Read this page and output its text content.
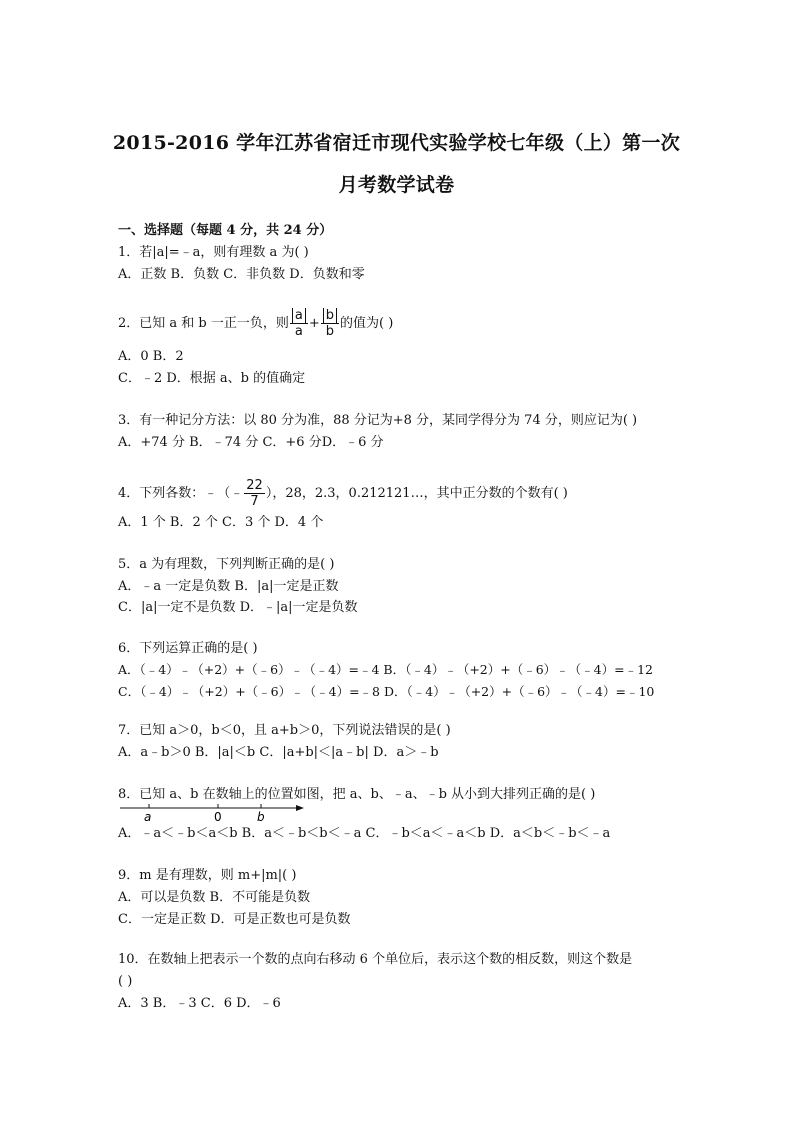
2015-2016 学年江苏省宿迁市现代实验学校七年级（上）第一次
月考数学试卷
一、选择题（每题 4 分，共 24 分）
1．若|a|=﹣a，则有理数 a 为( )
A．正数 B．负数 C．非负数 D．负数和零
2．已知 a 和 b 一正一负，则 $\frac{a}{a} + \frac{b}{b}$ 的值为( )
A．0 B．2
C．﹣2 D．根据 a、b 的值确定
3．有一种记分方法：以 80 分为准，88 分记为+8 分，某同学得分为 74 分，则应记为( )
A．+74 分 B．﹣74 分 C．+6 分D．﹣6 分
4．下列各数：﹣（﹣ $\frac{22}{7}$ ），28，2.3，0.212121…，其中正分数的个数有( )
A．1 个 B．2 个 C．3 个 D．4 个
5．a 为有理数，下列判断正确的是( )
A．﹣a 一定是负数 B．|a|一定是正数
C．|a|一定不是负数 D．﹣|a|一定是负数
6．下列运算正确的是( )
A．（﹣4）﹣（+2）+（﹣6）﹣（﹣4）=﹣4 B．（﹣4）﹣（+2）+（﹣6）﹣（﹣4）=﹣12
C．（﹣4）﹣（+2）+（﹣6）﹣（﹣4）=﹣8 D．（﹣4）﹣（+2）+（﹣6）﹣（﹣4）=﹣10
7．已知 a＞0，b＜0，且 a+b＞0，下列说法错误的是( )
A．a﹣b＞0 B．|a|＜b C．|a+b|＜|a﹣b| D．a＞﹣b
8．已知 a、b 在数轴上的位置如图，把 a、b、﹣a、﹣b 从小到大排列正确的是( )
a	0	b
A．﹣a＜﹣b＜a＜b B．a＜﹣b＜b＜﹣a C．﹣b＜a＜﹣a＜b D．a＜b＜﹣b＜﹣a
9．m 是有理数，则 m+|m|( )
A．可以是负数 B．不可能是负数
C．一定是正数 D．可是正数也可是负数
10．在数轴上把表示一个数的点向右移动 6 个单位后，表示这个数的相反数，则这个数是
( )
A．3 B．﹣3 C．6 D．﹣6
